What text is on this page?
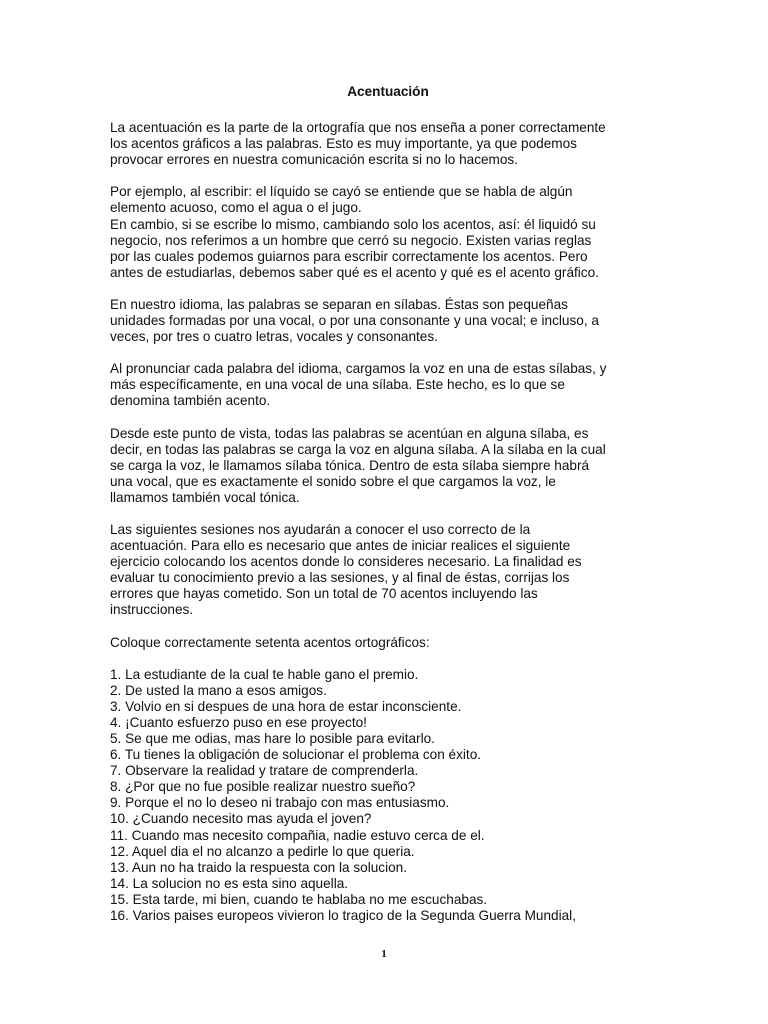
Acentuación
La acentuación es la parte de la ortografía que nos enseña a poner correctamente
los acentos gráficos a las palabras. Esto es muy importante, ya que podemos
provocar errores en nuestra comunicación escrita si no lo hacemos.
Por ejemplo, al escribir: el líquido se cayó se entiende que se habla de algún
elemento acuoso, como el agua o el jugo.
En cambio, si se escribe lo mismo, cambiando solo los acentos, así: él liquidó su
negocio, nos referimos a un hombre que cerró su negocio. Existen varias reglas
por las cuales podemos guiarnos para escribir correctamente los acentos. Pero
antes de estudiarlas, debemos saber qué es el acento y qué es el acento gráfico.
En nuestro idioma, las palabras se separan en sílabas. Éstas son pequeñas
unidades formadas por una vocal, o por una consonante y una vocal; e incluso, a
veces, por tres o cuatro letras, vocales y consonantes.
Al pronunciar cada palabra del idioma, cargamos la voz en una de estas sílabas, y
más específicamente, en una vocal de una sílaba. Este hecho, es lo que se
denomina también acento.
Desde este punto de vista, todas las palabras se acentúan en alguna sílaba, es
decir, en todas las palabras se carga la voz en alguna sílaba. A la sílaba en la cual
se carga la voz, le llamamos sílaba tónica. Dentro de esta sílaba siempre habrá
una vocal, que es exactamente el sonido sobre el que cargamos la voz, le
llamamos también vocal tónica.
Las siguientes sesiones nos ayudarán a conocer el uso correcto de la
acentuación. Para ello es necesario que antes de iniciar realices el siguiente
ejercicio colocando los acentos donde lo consideres necesario. La finalidad es
evaluar tu conocimiento previo a las sesiones, y al final de éstas, corrijas los
errores que hayas cometido. Son un total de 70 acentos incluyendo las
instrucciones.
Coloque correctamente setenta acentos ortográficos:
1. La estudiante de la cual te hable gano el premio.
2. De usted la mano a esos amigos.
3. Volvio en si despues de una hora de estar inconsciente.
4. ¡Cuanto esfuerzo puso en ese proyecto!
5. Se que me odias, mas hare lo posible para evitarlo.
6. Tu tienes la obligación de solucionar el problema con éxito.
7. Observare la realidad y tratare de comprenderla.
8. ¿Por que no fue posible realizar nuestro sueño?
9. Porque el no lo deseo ni trabajo con mas entusiasmo.
10. ¿Cuando necesito mas ayuda el joven?
11. Cuando mas necesito compañia, nadie estuvo cerca de el.
12. Aquel dia el no alcanzo a pedirle lo que queria.
13. Aun no ha traido la respuesta con la solucion.
14. La solucion no es esta sino aquella.
15. Esta tarde, mi bien, cuando te hablaba no me escuchabas.
16. Varios paises europeos vivieron lo tragico de la Segunda Guerra Mundial,
1
